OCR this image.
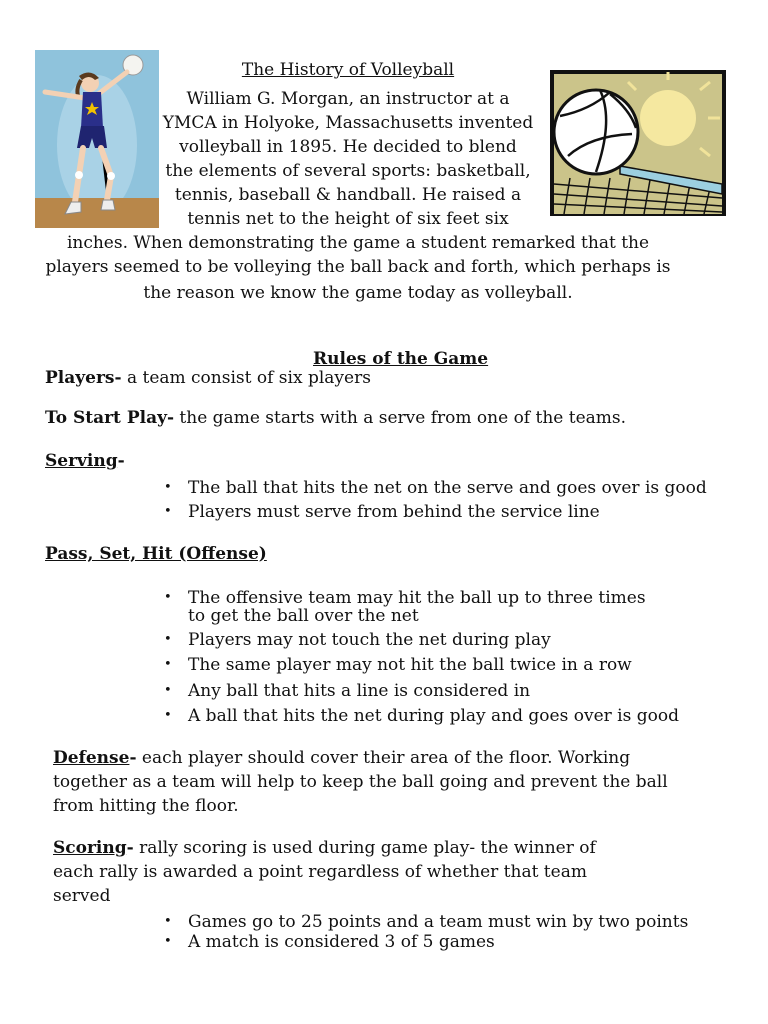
The History of Volleyball
William G. Morgan, an instructor at a
YMCA in Holyoke, Massachusetts invented
volleyball in 1895. He decided to blend
the elements of several sports: basketball,
tennis, baseball & handball. He raised a
tennis net to the height of six feet six
inches. When demonstrating the game a student remarked that the
players seemed to be volleying the ball back and forth, which perhaps is
the reason we know the game today as volleyball.
Rules of the Game
Players- a team consist of six players
To Start Play- the game starts with a serve from one of the teams.
Serving-
• The ball that hits the net on the serve and goes over is good
• Players must serve from behind the service line
Pass, Set, Hit (Offense)
• The offensive team may hit the ball up to three times
to get the ball over the net
• Players may not touch the net during play
• The same player may not hit the ball twice in a row
• Any ball that hits a line is considered in
• A ball that hits the net during play and goes over is good
Defense- each player should cover their area of the floor. Working
together as a team will help to keep the ball going and prevent the ball
from hitting the floor.
Scoring- rally scoring is used during game play- the winner of
each rally is awarded a point regardless of whether that team
served
• Games go to 25 points and a team must win by two points
• A match is considered 3 of 5 games
